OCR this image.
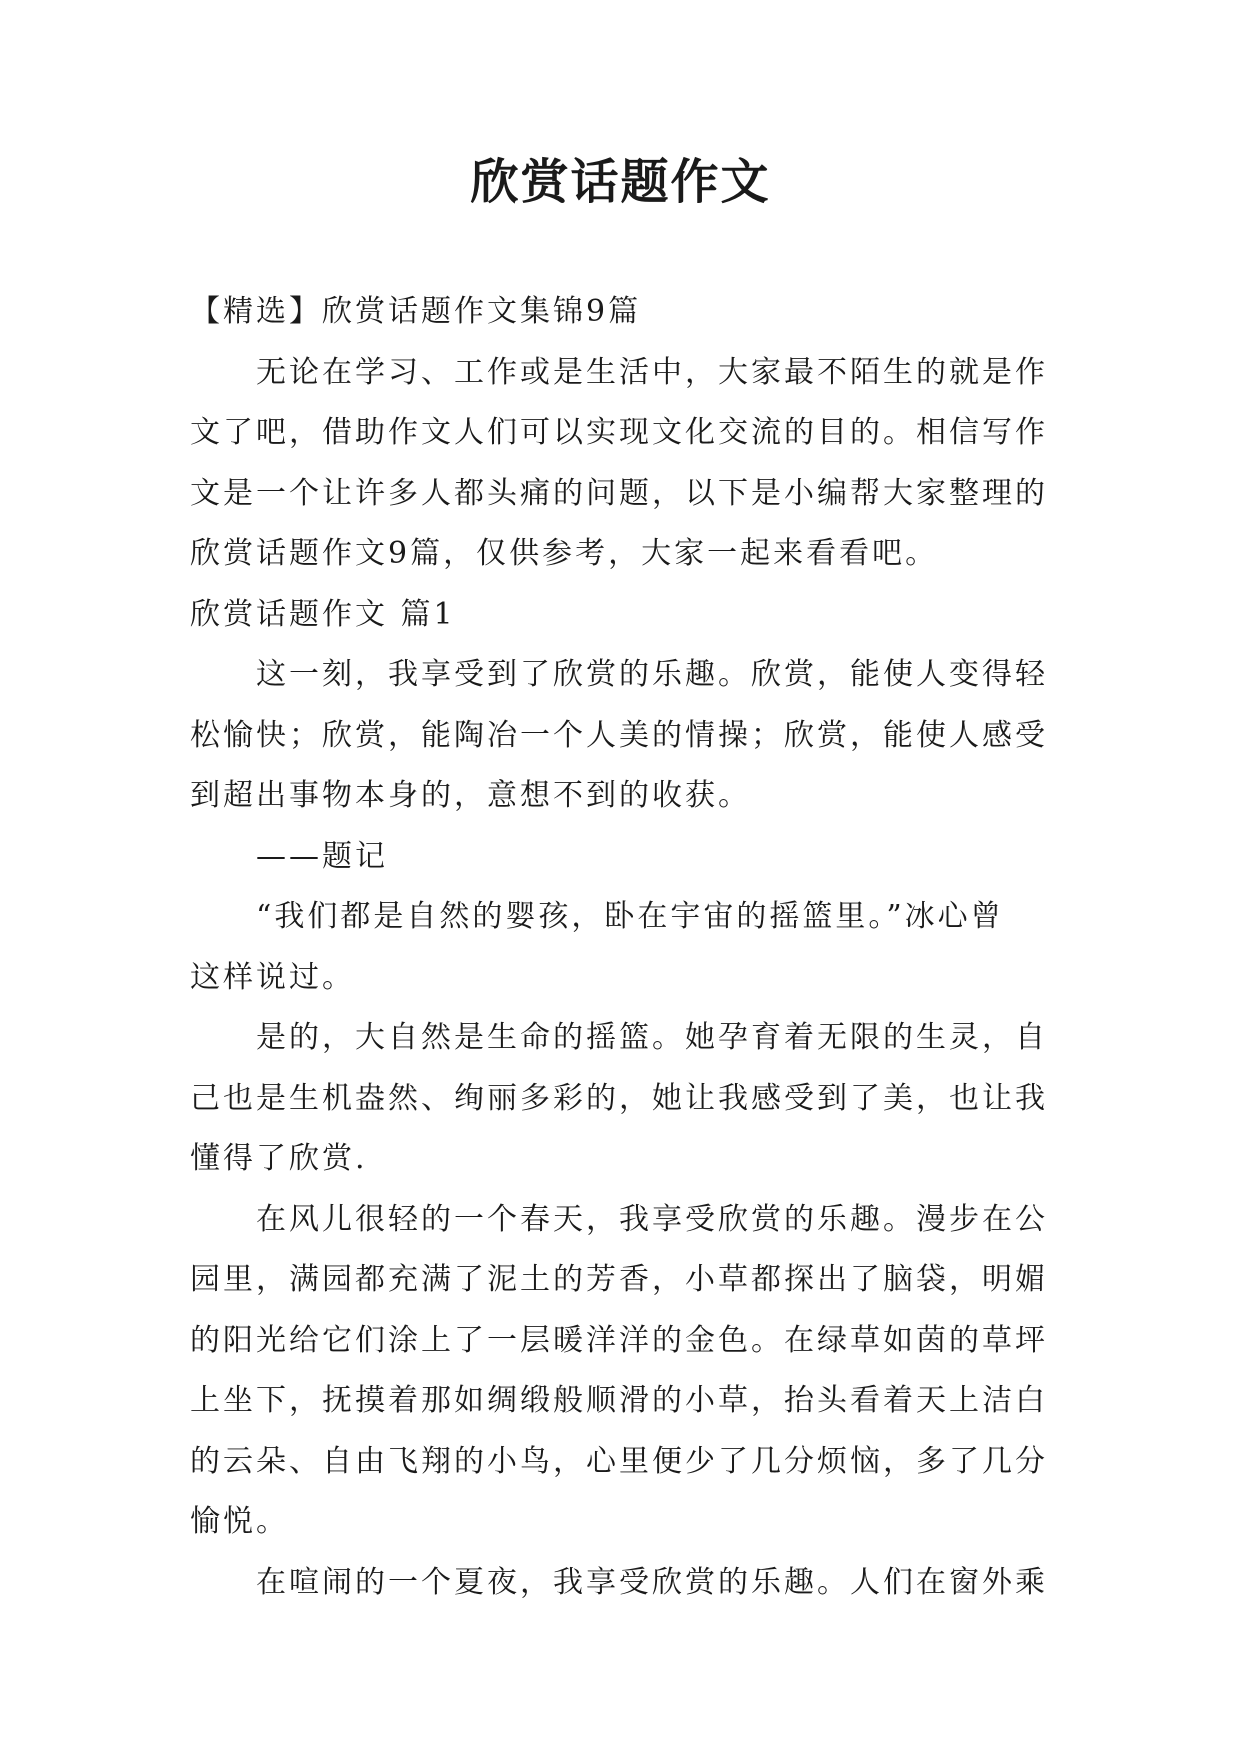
欣赏话题作文
【精选】欣赏话题作文集锦9篇
无论在学习、工作或是生活中，大家最不陌生的就是作
文了吧，借助作文人们可以实现文化交流的目的。相信写作
文是一个让许多人都头痛的问题，以下是小编帮大家整理的
欣赏话题作文9篇，仅供参考，大家一起来看看吧。
欣赏话题作文 篇1
这一刻，我享受到了欣赏的乐趣。欣赏，能使人变得轻
松愉快；欣赏，能陶冶一个人美的情操；欣赏，能使人感受
到超出事物本身的，意想不到的收获。
——题记
“我们都是自然的婴孩，卧在宇宙的摇篮里。”冰心曾
这样说过。
是的，大自然是生命的摇篮。她孕育着无限的生灵，自
己也是生机盎然、绚丽多彩的，她让我感受到了美，也让我
懂得了欣赏.
在风儿很轻的一个春天，我享受欣赏的乐趣。漫步在公
园里，满园都充满了泥土的芳香，小草都探出了脑袋，明媚
的阳光给它们涂上了一层暖洋洋的金色。在绿草如茵的草坪
上坐下，抚摸着那如绸缎般顺滑的小草，抬头看着天上洁白
的云朵、自由飞翔的小鸟，心里便少了几分烦恼，多了几分
愉悦。
在喧闹的一个夏夜，我享受欣赏的乐趣。人们在窗外乘
